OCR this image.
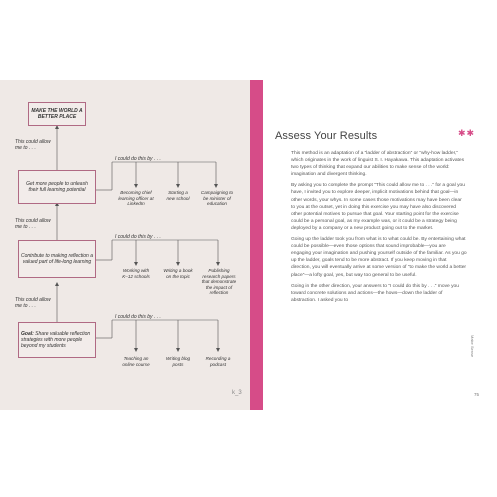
MAKE THE WORLD A BETTER PLACE
This could allow me to . . .
Get more people to unleash their full learning potential
This could allow me to . . .
Contribute to making reflection a valued part of life-long learning
This could allow me to . . .
Goal: Share valuable reflection strategies with more people beyond my students
I could do this by . . .
I could do this by . . .
I could do this by . . .
Becoming chief learning officer at LinkedIn
Starting a new school
Campaigning to be minister of education
Working with K–12 schools
Writing a book on the topic
Publishing research papers that demonstrate the impact of reflection
Teaching an online course
Writing blog posts
Recording a podcast
k_3
Assess Your Results	✱✱

This method is an adaptation of a “ladder of abstraction” or “why-how ladder,” which originates in the work of linguist S. I. Hayakawa. This adaptation activates two types of thinking that expand our abilities to make sense of the world: imagination and divergent thinking.

By asking you to complete the prompt “This could allow me to . . .” for a goal you have, I invited you to explore deeper, implicit motivations behind that goal—in other words, your whys. In some cases those motivations may have been clear to you at the outset, yet in doing this exercise you may have also discovered other potential motives to pursue that goal. Your starting point for the exercise could be a personal goal, as my example was, or it could be a strategy being deployed by a company or a new product going out to the market.

Going up the ladder took you from what is to what could be. By entertaining what could be possible—even those options that sound improbable—you are engaging your imagination and pushing yourself outside of the familiar. As you go up the ladder, goals tend to be more abstract. If you keep moving in that direction, you will eventually arrive at some version of “to make the world a better place”—a lofty goal, yes, but way too general to be useful.

Going in the other direction, your answers to “I could do this by . . .” move you toward concrete solutions and actions—the hows—down the ladder of abstraction. I asked you to

Make Sense
75
